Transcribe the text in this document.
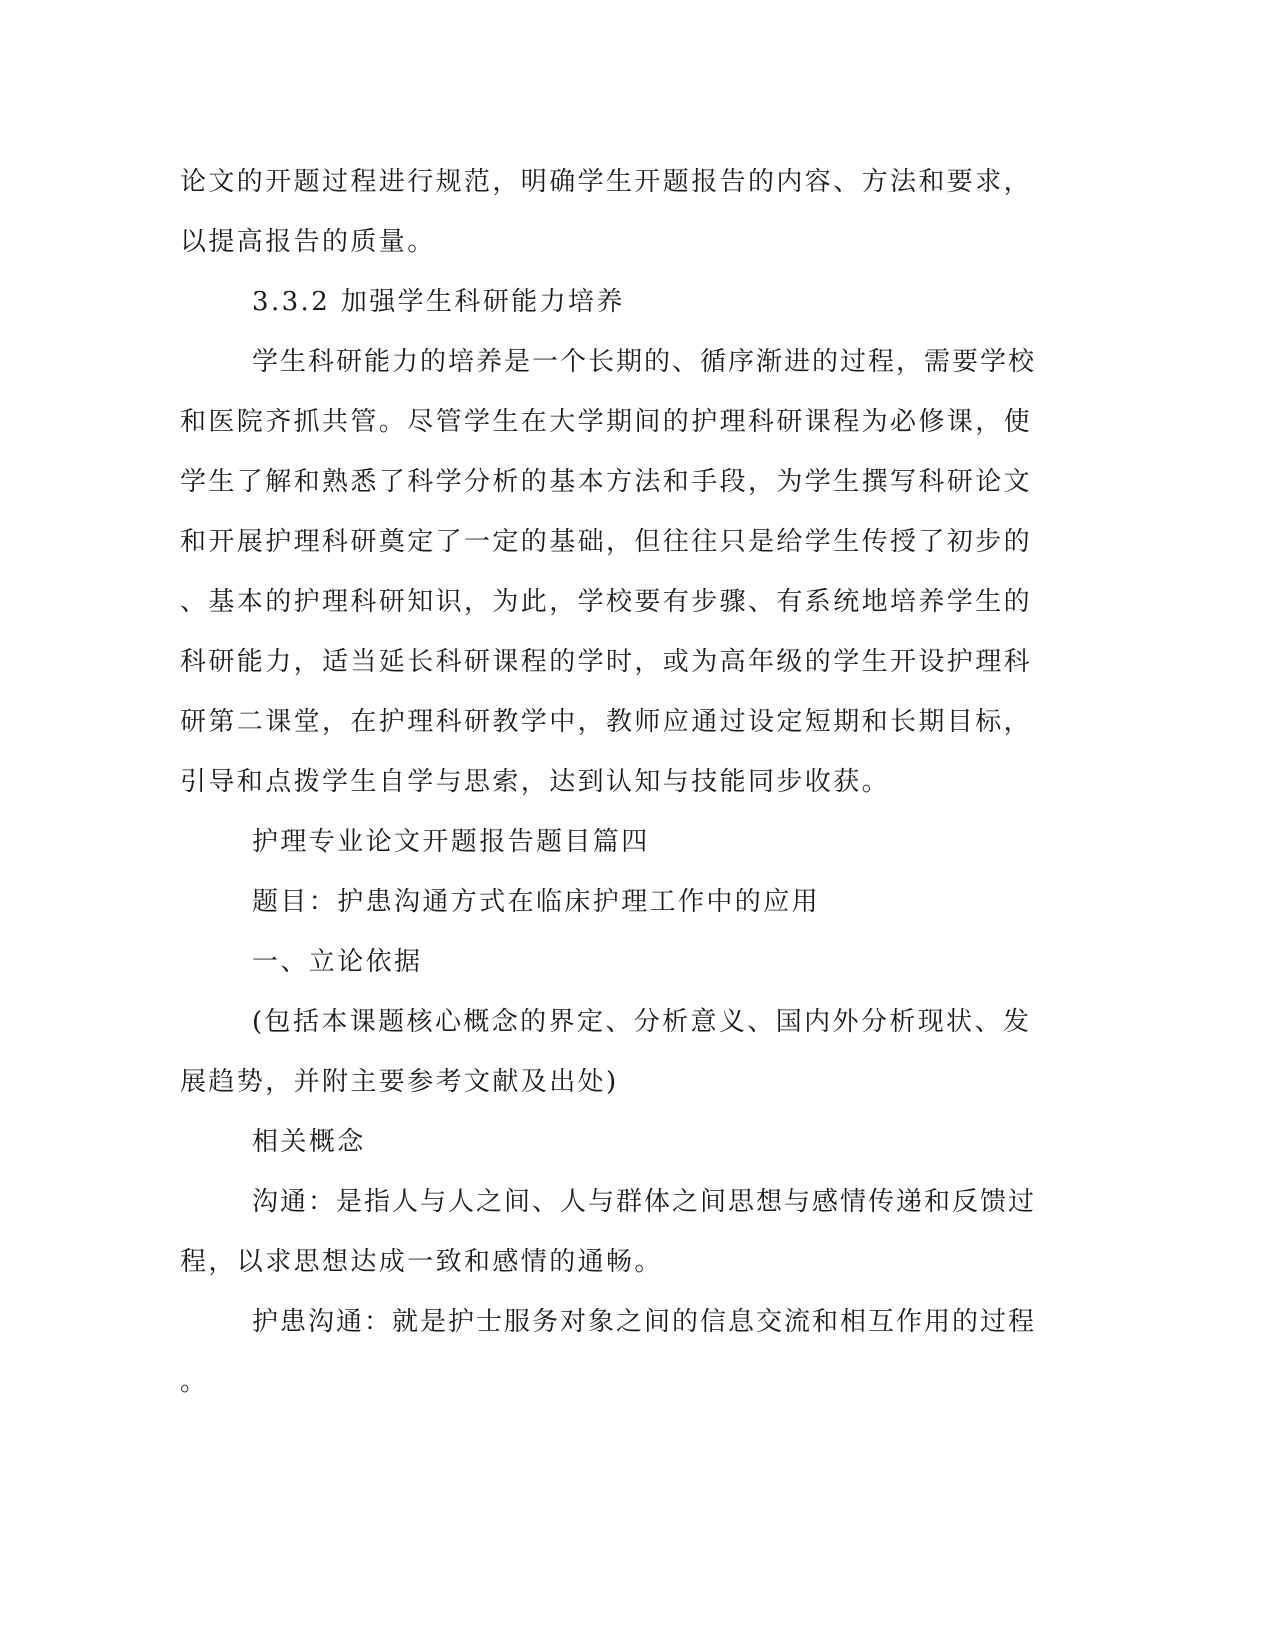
论文的开题过程进行规范，明确学生开题报告的内容、方法和要求，
以提高报告的质量。
3.3.2 加强学生科研能力培养
学生科研能力的培养是一个长期的、循序渐进的过程，需要学校
和医院齐抓共管。尽管学生在大学期间的护理科研课程为必修课，使
学生了解和熟悉了科学分析的基本方法和手段，为学生撰写科研论文
和开展护理科研奠定了一定的基础，但往往只是给学生传授了初步的
、基本的护理科研知识，为此，学校要有步骤、有系统地培养学生的
科研能力，适当延长科研课程的学时，或为高年级的学生开设护理科
研第二课堂，在护理科研教学中，教师应通过设定短期和长期目标，
引导和点拨学生自学与思索，达到认知与技能同步收获。
护理专业论文开题报告题目篇四
题目：护患沟通方式在临床护理工作中的应用
一、立论依据
(包括本课题核心概念的界定、分析意义、国内外分析现状、发
展趋势，并附主要参考文献及出处)
相关概念
沟通：是指人与人之间、人与群体之间思想与感情传递和反馈过
程，以求思想达成一致和感情的通畅。
护患沟通：就是护士服务对象之间的信息交流和相互作用的过程
。
